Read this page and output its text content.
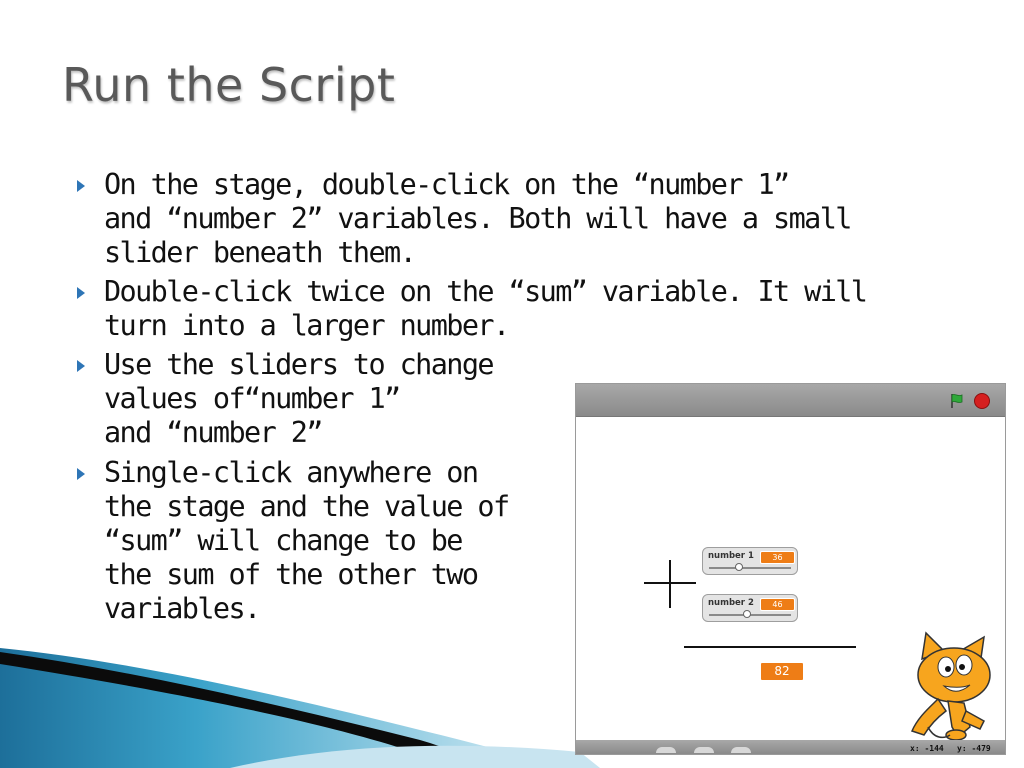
Run the Script
On the stage, double-click on the “number 1”
and “number 2” variables. Both will have a small
slider beneath them.
Double-click twice on the “sum” variable. It will
turn into a larger number.
Use the sliders to change
values of“number 1”
and “number 2”
Single-click anywhere on
the stage and the value of
“sum” will change to be
the sum of the other two
variables.
number 1	36
number 2	46
82
x: -144 y: -479
